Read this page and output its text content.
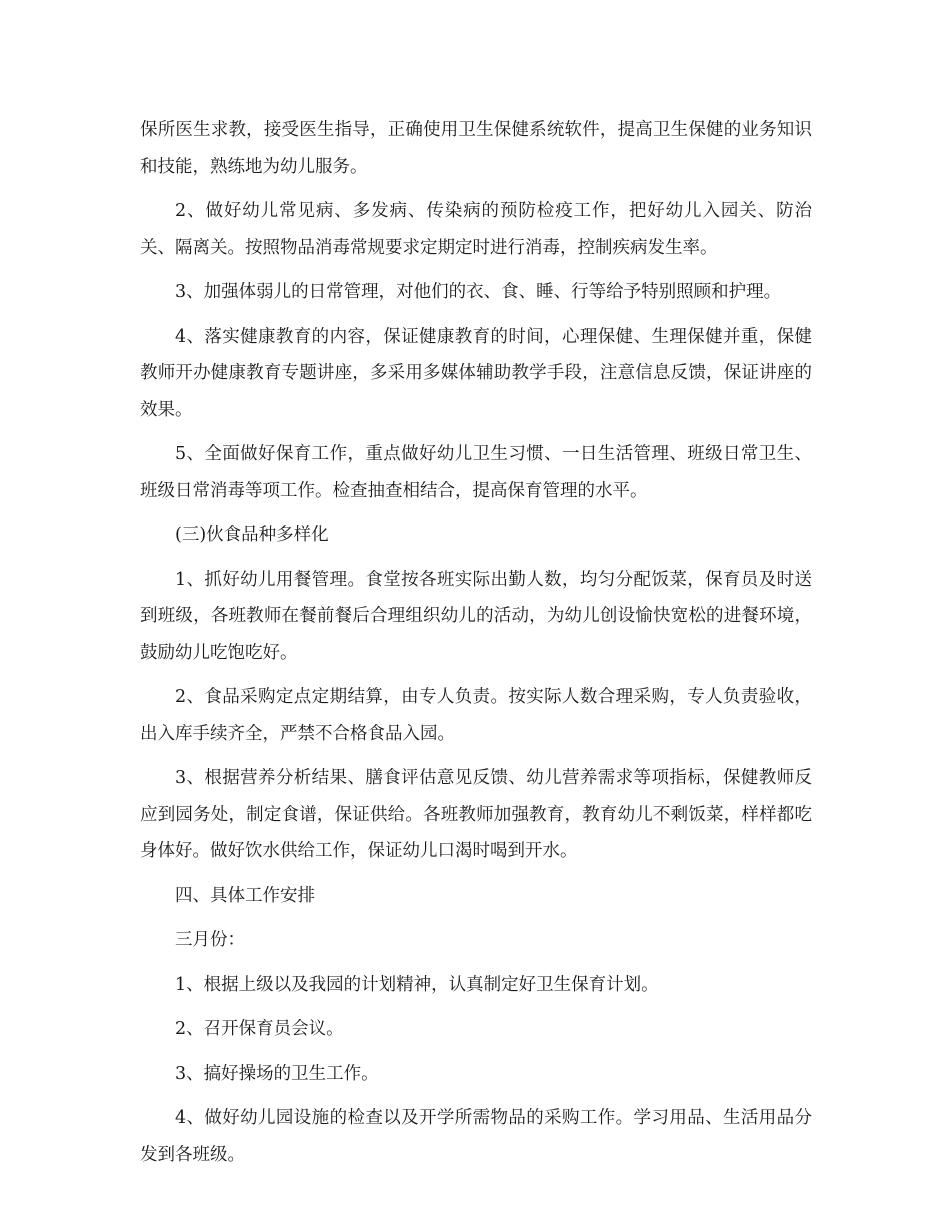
保所医生求教，接受医生指导，正确使用卫生保健系统软件，提高卫生保健的业务知识和技能，熟练地为幼儿服务。

2、做好幼儿常见病、多发病、传染病的预防检疫工作，把好幼儿入园关、防治关、隔离关。按照物品消毒常规要求定期定时进行消毒，控制疾病发生率。

3、加强体弱儿的日常管理，对他们的衣、食、睡、行等给予特别照顾和护理。

4、落实健康教育的内容，保证健康教育的时间，心理保健、生理保健并重，保健教师开办健康教育专题讲座，多采用多媒体辅助教学手段，注意信息反馈，保证讲座的效果。

5、全面做好保育工作，重点做好幼儿卫生习惯、一日生活管理、班级日常卫生、班级日常消毒等项工作。检查抽查相结合，提高保育管理的水平。

(三)伙食品种多样化

1、抓好幼儿用餐管理。食堂按各班实际出勤人数，均匀分配饭菜，保育员及时送到班级，各班教师在餐前餐后合理组织幼儿的活动，为幼儿创设愉快宽松的进餐环境，鼓励幼儿吃饱吃好。

2、食品采购定点定期结算，由专人负责。按实际人数合理采购，专人负责验收，出入库手续齐全，严禁不合格食品入园。

3、根据营养分析结果、膳食评估意见反馈、幼儿营养需求等项指标，保健教师反应到园务处，制定食谱，保证供给。各班教师加强教育，教育幼儿不剩饭菜，样样都吃身体好。做好饮水供给工作，保证幼儿口渴时喝到开水。

四、具体工作安排

三月份：

1、根据上级以及我园的计划精神，认真制定好卫生保育计划。

2、召开保育员会议。

3、搞好操场的卫生工作。

4、做好幼儿园设施的检查以及开学所需物品的采购工作。学习用品、生活用品分发到各班级。
